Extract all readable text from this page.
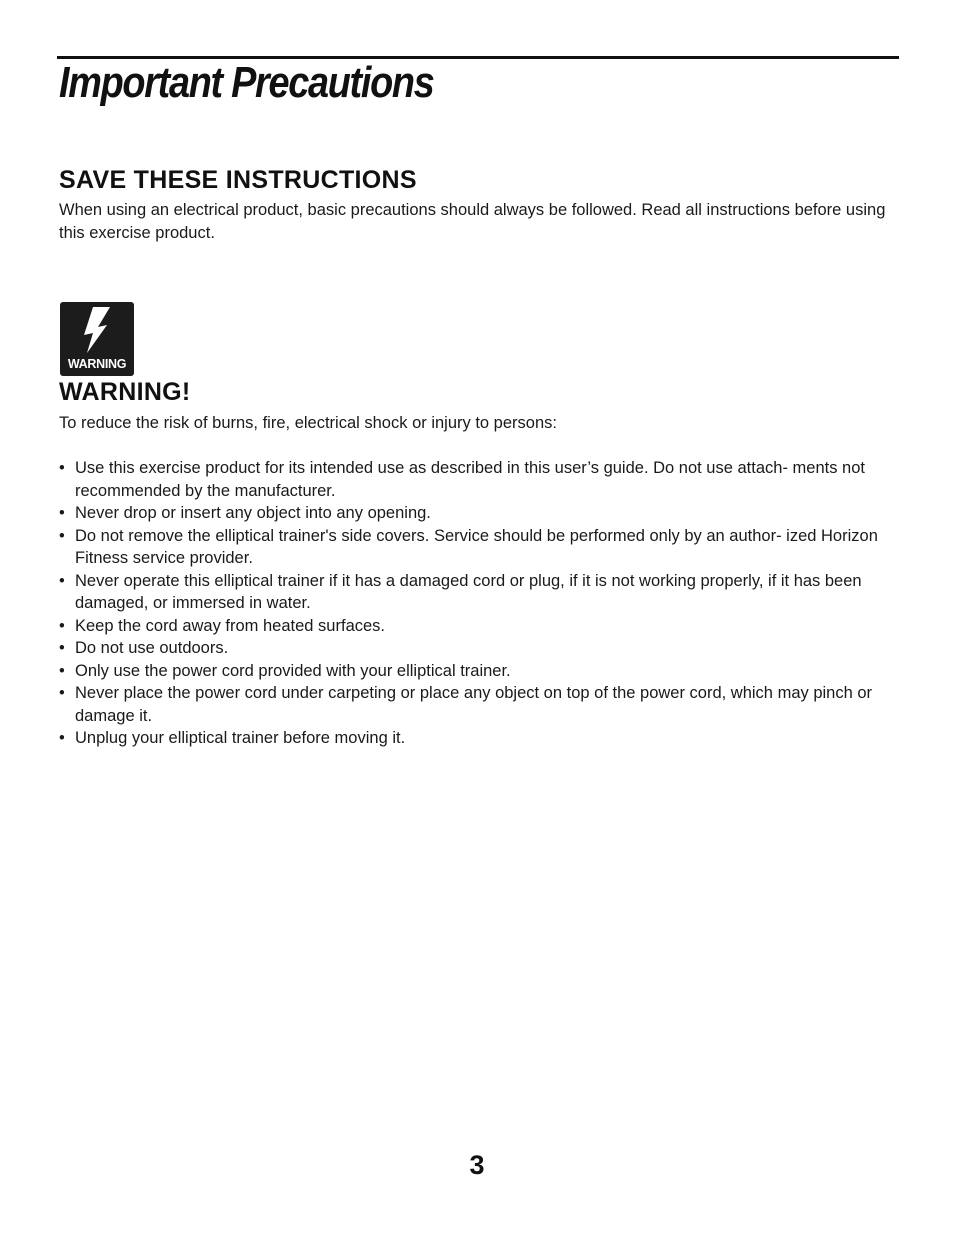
Important Precautions
SAVE THESE INSTRUCTIONS

When using an electrical product, basic precautions should always be followed. Read all instructions before using this exercise product.

WARNING
WARNING!

To reduce the risk of burns, fire, electrical shock or injury to persons:

• Use this exercise product for its intended use as described in this user’s guide. Do not use attach- ments not recommended by the manufacturer.
• Never drop or insert any object into any opening.
• Do not remove the elliptical trainer's side covers. Service should be performed only by an author- ized Horizon Fitness service provider.
• Never operate this elliptical trainer if it has a damaged cord or plug, if it is not working properly, if it has been damaged, or immersed in water.
• Keep the cord away from heated surfaces.
• Do not use outdoors.
• Only use the power cord provided with your elliptical trainer.
• Never place the power cord under carpeting or place any object on top of the power cord, which may pinch or damage it.
• Unplug your elliptical trainer before moving it.
3
